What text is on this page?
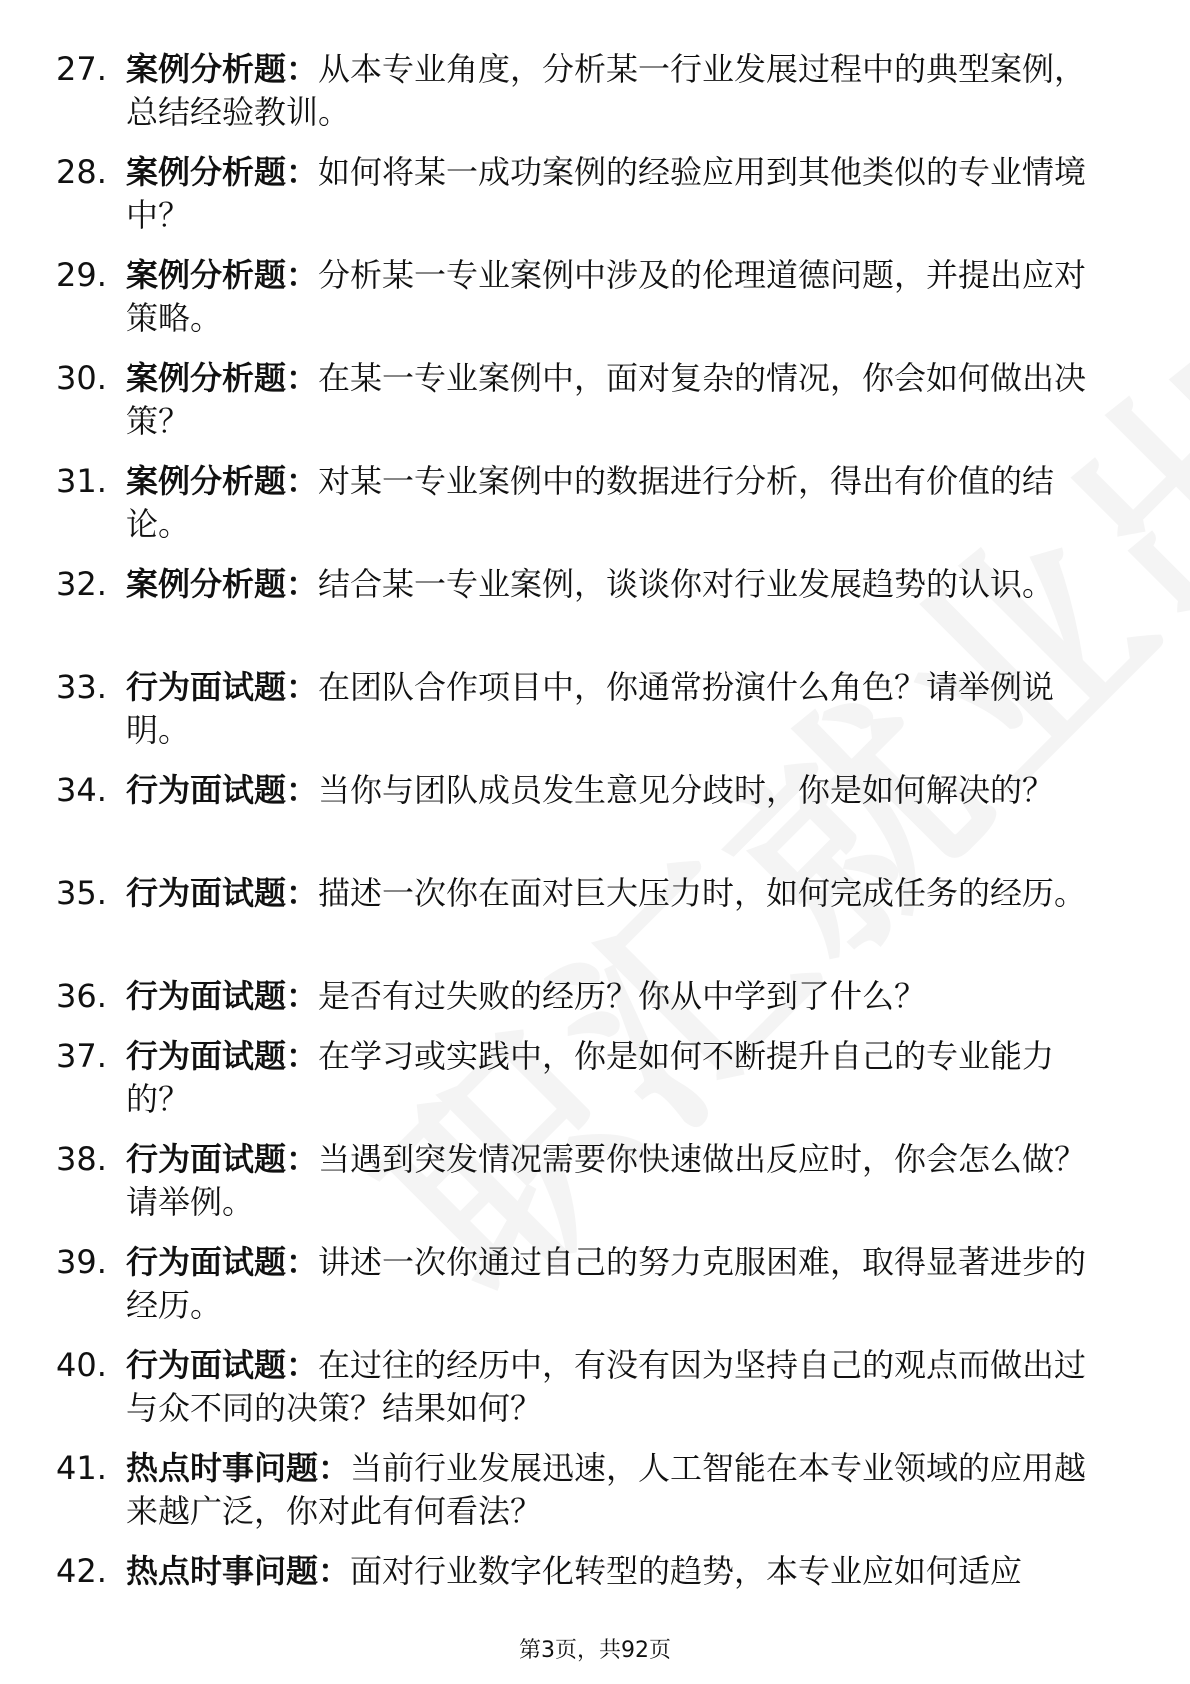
27. 案例分析题：从本专业角度，分析某一行业发展过程中的典型案例，总结经验教训。
28. 案例分析题：如何将某一成功案例的经验应用到其他类似的专业情境中？
29. 案例分析题：分析某一专业案例中涉及的伦理道德问题，并提出应对策略。
30. 案例分析题：在某一专业案例中，面对复杂的情况，你会如何做出决策？
31. 案例分析题：对某一专业案例中的数据进行分析，得出有价值的结论。
32. 案例分析题：结合某一专业案例，谈谈你对行业发展趋势的认识。
33. 行为面试题：在团队合作项目中，你通常扮演什么角色？请举例说明。
34. 行为面试题：当你与团队成员发生意见分歧时，你是如何解决的？
35. 行为面试题：描述一次你在面对巨大压力时，如何完成任务的经历。
36. 行为面试题：是否有过失败的经历？你从中学到了什么？
37. 行为面试题：在学习或实践中，你是如何不断提升自己的专业能力的？
38. 行为面试题：当遇到突发情况需要你快速做出反应时，你会怎么做？请举例。
39. 行为面试题：讲述一次你通过自己的努力克服困难，取得显著进步的经历。
40. 行为面试题：在过往的经历中，有没有因为坚持自己的观点而做出过与众不同的决策？结果如何？
41. 热点时事问题：当前行业发展迅速，人工智能在本专业领域的应用越来越广泛，你对此有何看法？
42. 热点时事问题：面对行业数字化转型的趋势，本专业应如何适应
第3页，共92页
